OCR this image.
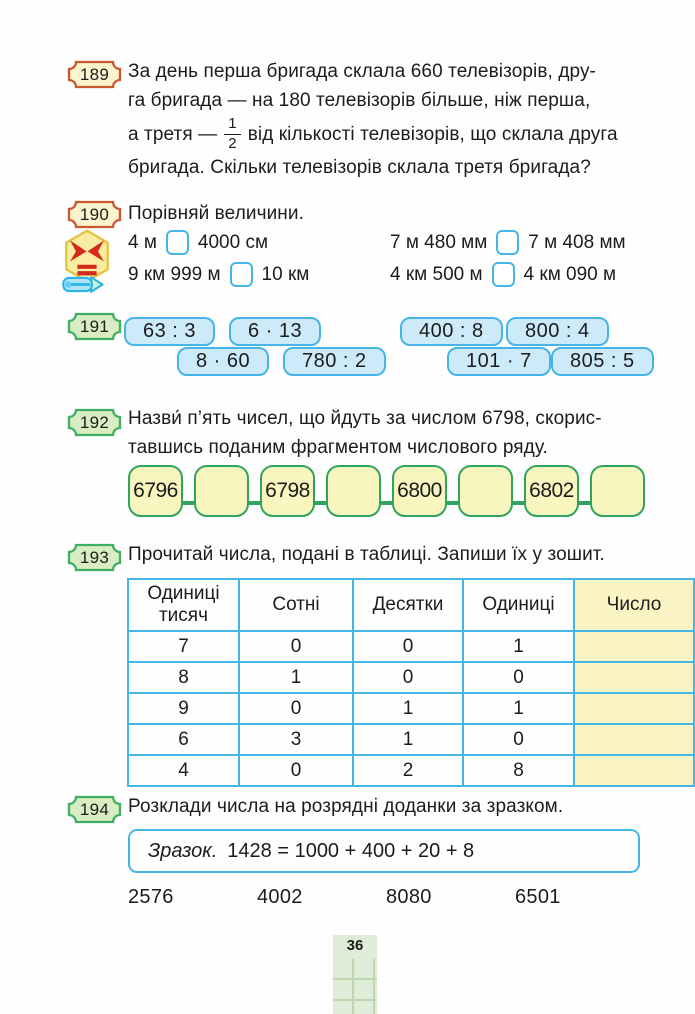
189 За день перша бригада склала 660 телевізорів, дру-
га бригада — на 180 телевізорів більше, ніж перша,
а третя — $\frac{1}{2}$ від кількості телевізорів, що склала друга
бригада. Скільки телевізорів склала третя бригада?
190 Порівняй величини.
4 м 4000 см	7 м 480 мм 7 м 408 мм
9 км 999 м 10 км	4 км 500 м 4 км 090 м
191	63 : 3	6 · 13	400 : 8	800 : 4
8 · 60	780 : 2	101 · 7	805 : 5
192 Назви́ п’ять чисел, що йдуть за числом 6798, скорис-
тавшись поданим фрагментом числового ряду.
6796	6798	6800	6802
193 Прочитай числа, подані в таблиці. Запиши їх у зошит.
Одиниці тисяч	Сотні	Десятки	Одиниці	Число
7	0	0	1	
8	1	0	0	
9	0	1	1	
6	3	1	0	
4	0	2	8	
194 Розклади числа на розрядні доданки за зразком.
Зразок. 1428 = 1000 + 400 + 20 + 8
2576	4002	8080	6501
36
